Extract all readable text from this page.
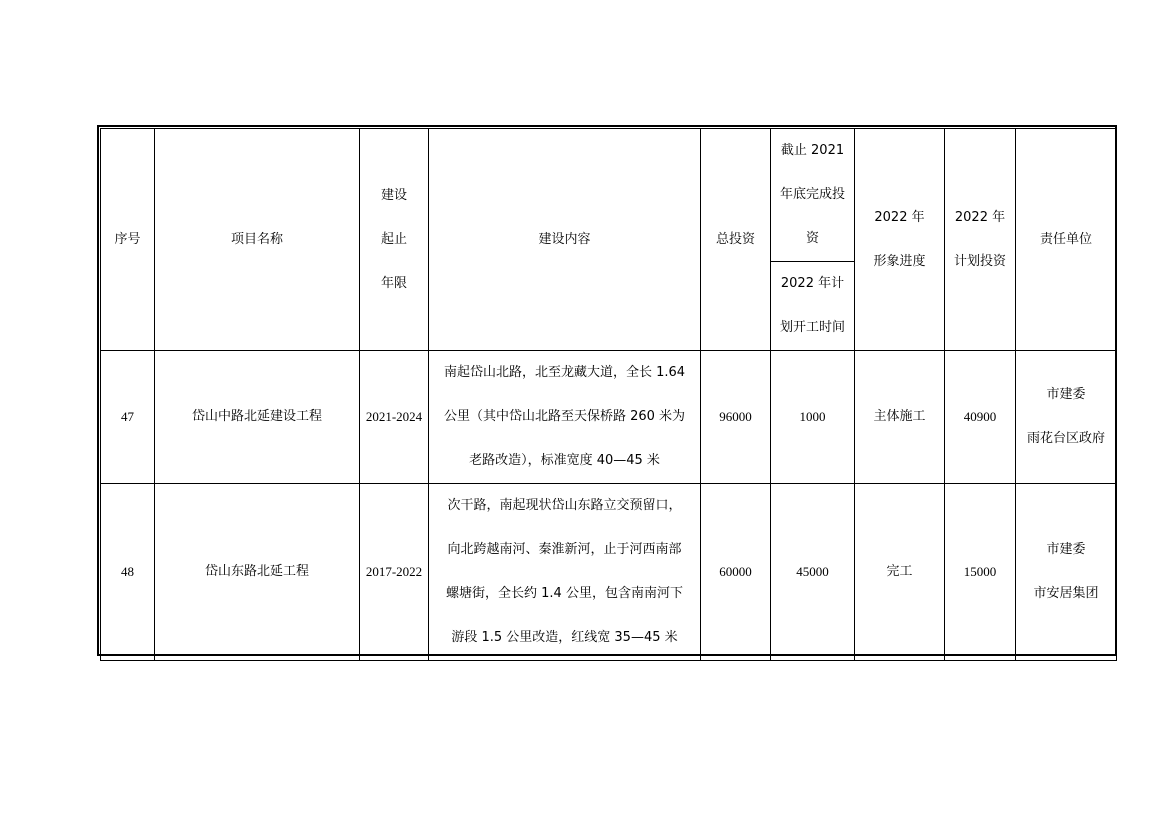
序号	项目名称	建设
起止
年限	建设内容	总投资	截止 2021
年底完成投
资	2022 年
形象进度	2022 年
计划投资	责任单位

					2022 年计
划开工时间			

47	岱山中路北延建设工程	2021-2024	南起岱山北路，北至龙藏大道，全长 1.64
公里（其中岱山北路至天保桥路 260 米为
老路改造），标准宽度 40—45 米	96000	1000	主体施工	40900	市建委
雨花台区政府

48	岱山东路北延工程	2017-2022	次干路，南起现状岱山东路立交预留口，
向北跨越南河、秦淮新河，止于河西南部
螺塘街，全长约 1.4 公里，包含南南河下
游段 1.5 公里改造，红线宽 35—45 米	60000	45000	完工	15000	市建委
市安居集团
